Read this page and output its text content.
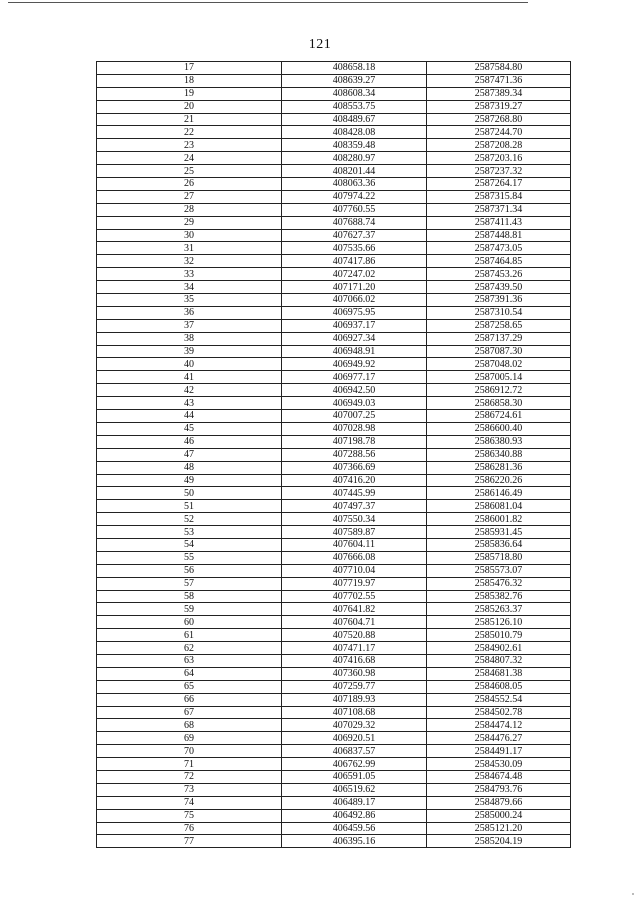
121
17	408658.18	2587584.80
18	408639.27	2587471.36
19	408608.34	2587389.34
20	408553.75	2587319.27
21	408489.67	2587268.80
22	408428.08	2587244.70
23	408359.48	2587208.28
24	408280.97	2587203.16
25	408201.44	2587237.32
26	408063.36	2587264.17
27	407974.22	2587315.84
28	407760.55	2587371.34
29	407688.74	2587411.43
30	407627.37	2587448.81
31	407535.66	2587473.05
32	407417.86	2587464.85
33	407247.02	2587453.26
34	407171.20	2587439.50
35	407066.02	2587391.36
36	406975.95	2587310.54
37	406937.17	2587258.65
38	406927.34	2587137.29
39	406948.91	2587087.30
40	406949.92	2587048.02
41	406977.17	2587005.14
42	406942.50	2586912.72
43	406949.03	2586858.30
44	407007.25	2586724.61
45	407028.98	2586600.40
46	407198.78	2586380.93
47	407288.56	2586340.88
48	407366.69	2586281.36
49	407416.20	2586220.26
50	407445.99	2586146.49
51	407497.37	2586081.04
52	407550.34	2586001.82
53	407589.87	2585931.45
54	407604.11	2585836.64
55	407666.08	2585718.80
56	407710.04	2585573.07
57	407719.97	2585476.32
58	407702.55	2585382.76
59	407641.82	2585263.37
60	407604.71	2585126.10
61	407520.88	2585010.79
62	407471.17	2584902.61
63	407416.68	2584807.32
64	407360.98	2584681.38
65	407259.77	2584608.05
66	407189.93	2584552.54
67	407108.68	2584502.78
68	407029.32	2584474.12
69	406920.51	2584476.27
70	406837.57	2584491.17
71	406762.99	2584530.09
72	406591.05	2584674.48
73	406519.62	2584793.76
74	406489.17	2584879.66
75	406492.86	2585000.24
76	406459.56	2585121.20
77	406395.16	2585204.19
